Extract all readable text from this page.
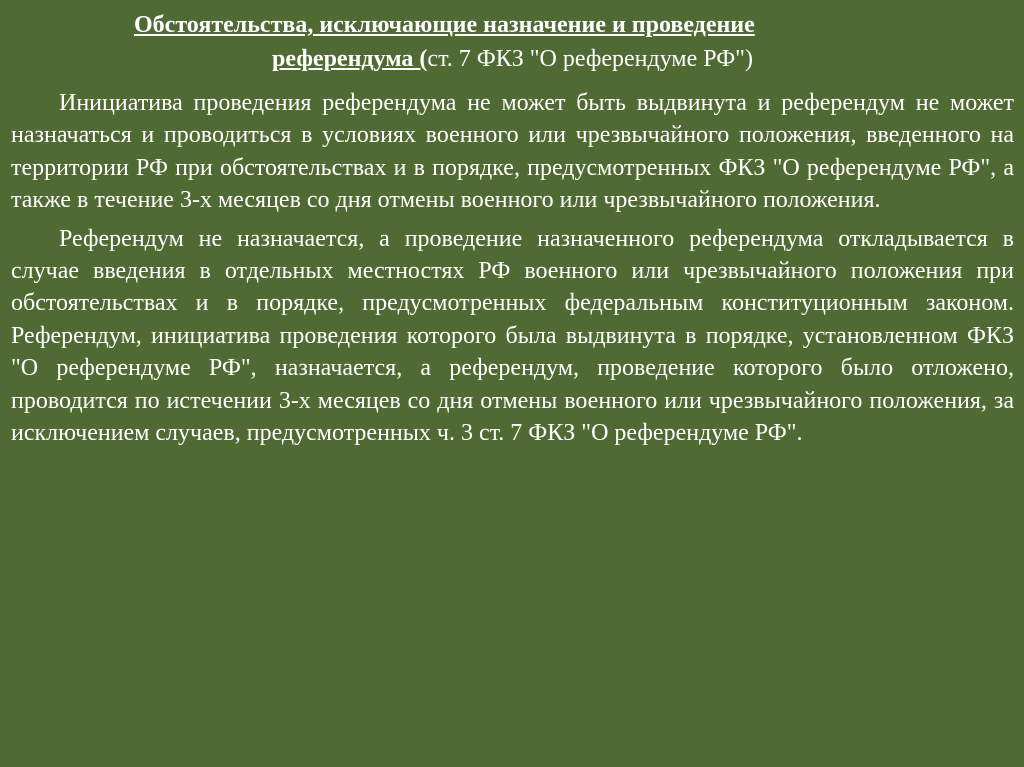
Обстоятельства, исключающие назначение и проведение
референдума (ст. 7 ФКЗ "О референдуме РФ")

Инициатива проведения референдума не может быть выдвинута и референдум не может назначаться и проводиться в условиях военного или чрезвычайного положения, введенного на территории РФ при обстоятельствах и в порядке, предусмотренных ФКЗ "О референдуме РФ", а также в течение 3-х месяцев со дня отмены военного или чрезвычайного положения.

Референдум не назначается, а проведение назначенного референдума откладывается в случае введения в отдельных местностях РФ военного или чрезвычайного положения при обстоятельствах и в порядке, предусмотренных федеральным конституционным законом. Референдум, инициатива проведения которого была выдвинута в порядке, установленном ФКЗ "О референдуме РФ", назначается, а референдум, проведение которого было отложено, проводится по истечении 3-х месяцев со дня отмены военного или чрезвычайного положения, за исключением случаев, предусмотренных ч. 3 ст. 7 ФКЗ "О референдуме РФ".
